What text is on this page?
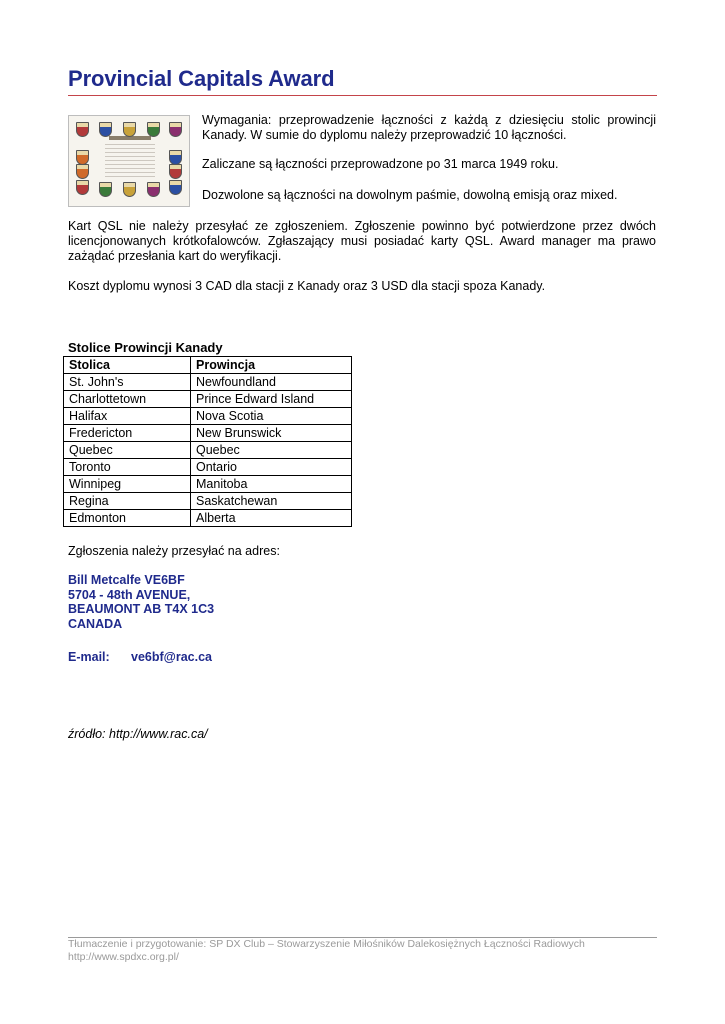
Provincial Capitals Award

Wymagania: przeprowadzenie łączności z każdą z dziesięciu stolic prowincji Kanady. W sumie do dyplomu należy przeprowadzić 10 łączności.

Zaliczane są łączności przeprowadzone po 31 marca 1949 roku.

Dozwolone są łączności na dowolnym paśmie, dowolną emisją oraz mixed.

Kart QSL nie należy przesyłać ze zgłoszeniem. Zgłoszenie powinno być potwierdzone przez dwóch licencjonowanych krótkofalowców. Zgłaszający musi posiadać karty QSL. Award manager ma prawo zażądać przesłania kart do weryfikacji.

Koszt dyplomu wynosi 3 CAD dla stacji z Kanady oraz 3 USD dla stacji spoza Kanady.

Stolice Prowincji Kanady
Stolica	Prowincja
St. John's	Newfoundland
Charlottetown	Prince Edward Island
Halifax	Nova Scotia
Fredericton	New Brunswick
Quebec	Quebec
Toronto	Ontario
Winnipeg	Manitoba
Regina	Saskatchewan
Edmonton	Alberta

Zgłoszenia należy przesyłać na adres:

Bill Metcalfe VE6BF
5704 - 48th AVENUE,
BEAUMONT AB T4X 1C3
CANADA

E-mail: ve6bf@rac.ca

źródło: http://www.rac.ca/

Tłumaczenie i przygotowanie: SP DX Club – Stowarzyszenie Miłośników Dalekosiężnych Łączności Radiowych
http://www.spdxc.org.pl/
